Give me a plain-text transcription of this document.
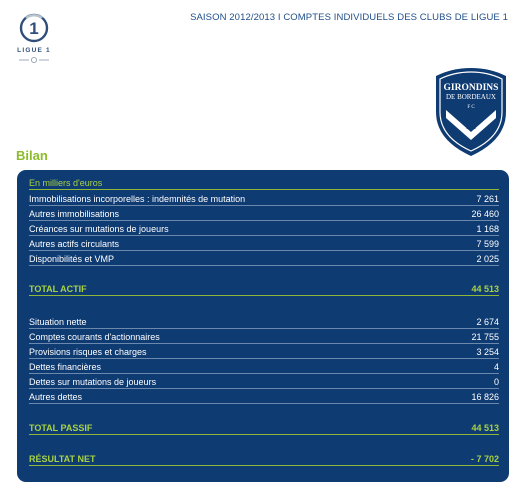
1
LIGUE 1
SAISON 2012/2013 I COMPTES INDIVIDUELS DES CLUBS DE LIGUE 1
GIRONDINS
DE BORDEAUX
F C
1881
Bilan
En milliers d'euros
Immobilisations incorporelles : indemnités de mutation	7 261
Autres immobilisations	26 460
Créances sur mutations de joueurs	1 168
Autres actifs circulants	7 599
Disponibilités et VMP	2 025
TOTAL ACTIF	44 513
Situation nette	2 674
Comptes courants d'actionnaires	21 755
Provisions risques et charges	3 254
Dettes financières	4
Dettes sur mutations de joueurs	0
Autres dettes	16 826
TOTAL PASSIF	44 513
RÉSULTAT NET	- 7 702
